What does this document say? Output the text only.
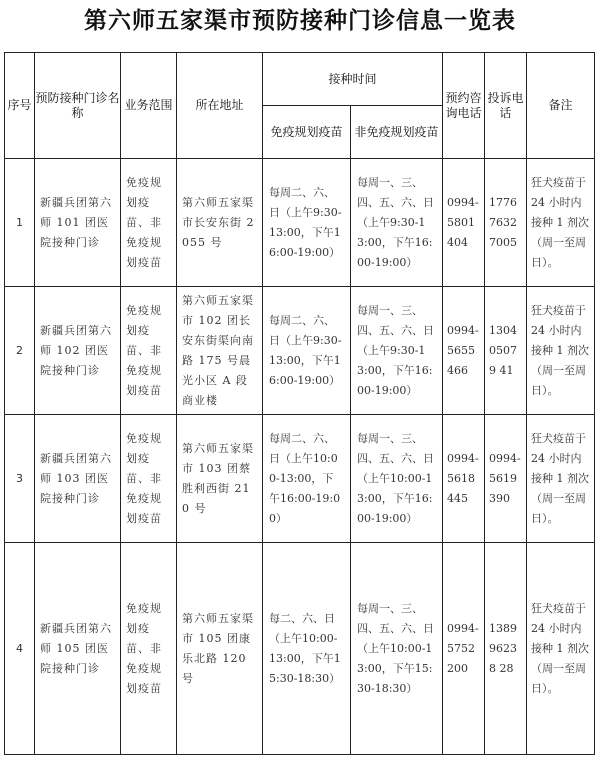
第六师五家渠市预防接种门诊信息一览表
序号	预防接种门诊名称	业务范围	所在地址	接种时间		预约咨询电话	投诉电话	备注
				免疫规划疫苗	非免疫规划疫苗			
1	新疆兵团第六师 101 团医院接种门诊	免疫规划疫苗、非免疫规划疫苗	第六师五家渠市长安东街 2055 号	每周二、六、日（上午9:30-13:00，下午16:00-19:00）	每周一、三、四、五、六、日（上午9:30-13:00，下午16:00-19:00）	0994-5801404	177676327005	狂犬疫苗于 24 小时内接种 1 剂次（周一至周日）。

2	新疆兵团第六师 102 团医院接种门诊	免疫规划疫苗、非免疫规划疫苗	第六师五家渠市 102 团长安东街渠向南路 175 号晨光小区 A 段商业楼	每周二、六、日（上午9:30-13:00，下午16:00-19:00）	每周一、三、四、五、六、日（上午9:30-13:00，下午16:00-19:00）	0994-5655466	130405079 41	狂犬疫苗于 24 小时内接种 1 剂次（周一至周日）。

3	新疆兵团第六师 103 团医院接种门诊	免疫规划疫苗、非免疫规划疫苗	第六师五家渠市 103 团蔡胜利西街 210 号	每周二、六、日（上午10:00-13:00，下午16:00-19:00）	每周一、三、四、五、六、日（上午10:00-13:00，下午16:00-19:00）	0994-5618445	0994-5619390	狂犬疫苗于 24 小时内接种 1 剂次（周一至周日）。

4	新疆兵团第六师 105 团医院接种门诊	免疫规划疫苗、非免疫规划疫苗	第六师五家渠市 105 团康乐北路 120 号	每二、六、日（上午10:00-13:00，下午15:30-18:30）	每周一、三、四、五、六、日（上午10:00-13:00，下午15:30-18:30）	0994-5752200	138996238 28	狂犬疫苗于 24 小时内接种 1 剂次（周一至周日）。
